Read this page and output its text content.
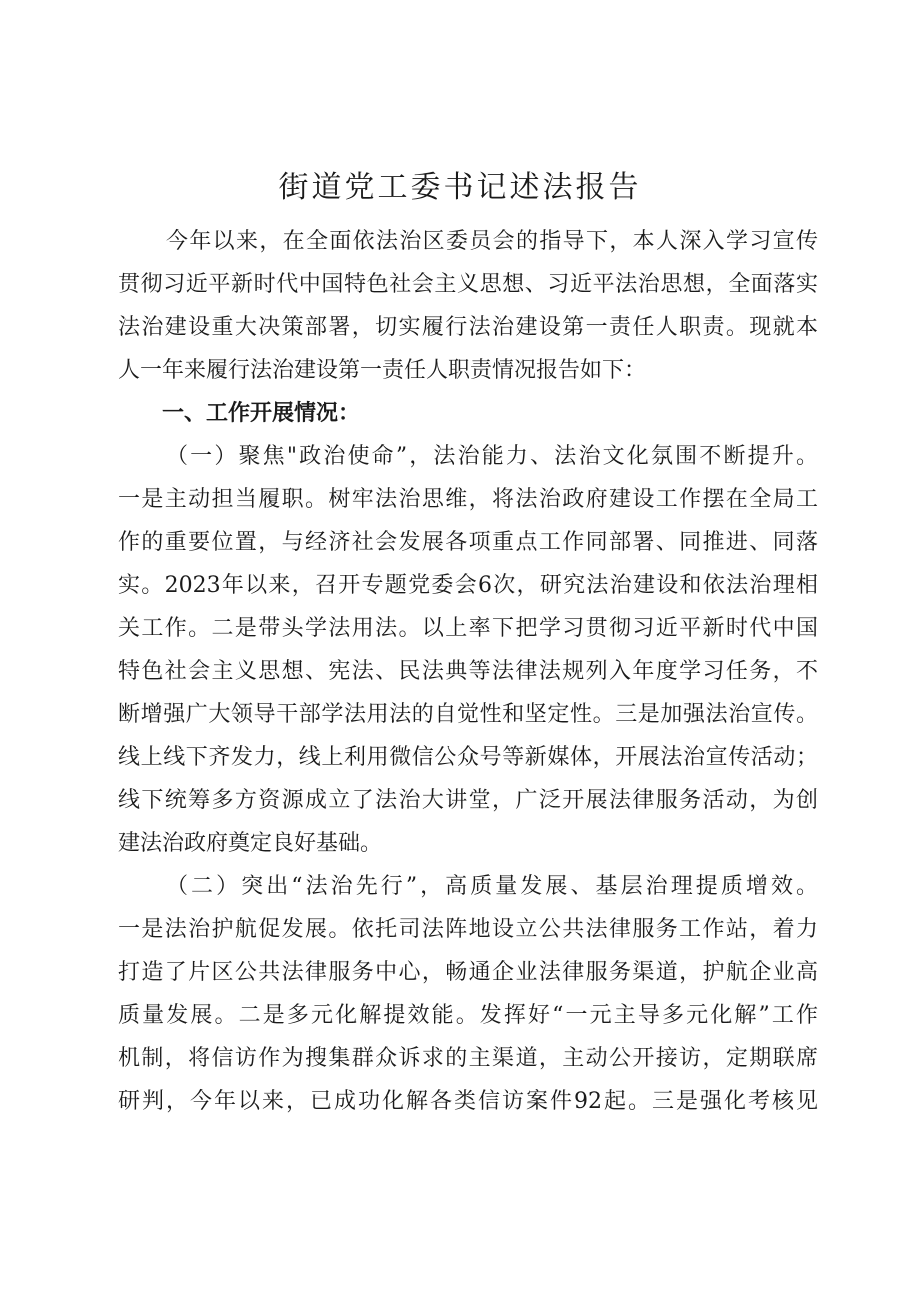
街道党工委书记述法报告

今年以来，在全面依法治区委员会的指导下，本人深入学习宣传

贯彻习近平新时代中国特色社会主义思想、习近平法治思想，全面落实

法治建设重大决策部署，切实履行法治建设第一责任人职责。现就本

人一年来履行法治建设第一责任人职责情况报告如下：

一、工作开展情况：

（一）聚焦"政治使命”，法治能力、法治文化氛围不断提升。

一是主动担当履职。树牢法治思维，将法治政府建设工作摆在全局工

作的重要位置，与经济社会发展各项重点工作同部署、同推进、同落

实。2023年以来，召开专题党委会6次，研究法治建设和依法治理相

关工作。二是带头学法用法。以上率下把学习贯彻习近平新时代中国

特色社会主义思想、宪法、民法典等法律法规列入年度学习任务，不

断增强广大领导干部学法用法的自觉性和坚定性。三是加强法治宣传。

线上线下齐发力，线上利用微信公众号等新媒体，开展法治宣传活动；

线下统筹多方资源成立了法治大讲堂，广泛开展法律服务活动，为创

建法治政府奠定良好基础。

（二）突出“法治先行”，高质量发展、基层治理提质增效。

一是法治护航促发展。依托司法阵地设立公共法律服务工作站，着力

打造了片区公共法律服务中心，畅通企业法律服务渠道，护航企业高

质量发展。二是多元化解提效能。发挥好“一元主导多元化解”工作

机制，将信访作为搜集群众诉求的主渠道，主动公开接访，定期联席

研判，今年以来，已成功化解各类信访案件92起。三是强化考核见
